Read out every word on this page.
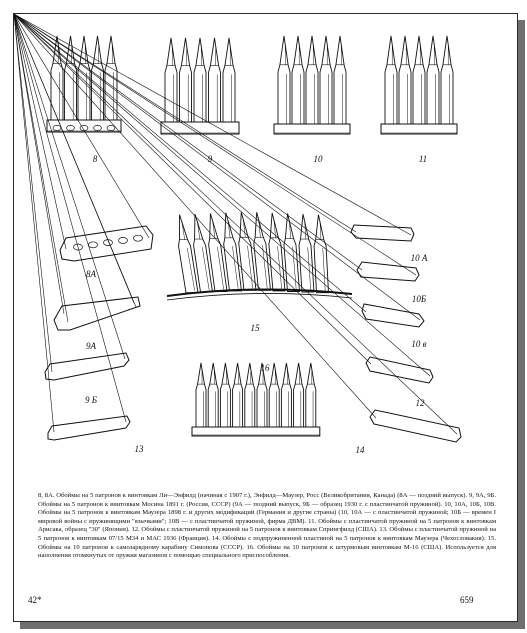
8	9	10	11
8А
9А
9 Б
13
15
16
14
10 А
10Б
10 в
12
8, 8А. Обоймы на 5 патронов к винтовкам Ли—Энфилд (начиная с 1907 г.), Энфилд—Маузер, Росс (Великобритания, Канада) (8А — поздний выпуск). 9, 9А, 9Б. Обоймы на 5 патронов к винтовкам Мосина 1891 г. (Россия, СССР) (9А — поздний выпуск, 9Б — образец 1930 г. с пластинчатой пружиной). 10, 10А, 10Б, 10В. Обоймы на 5 патронов к винтовкам Маузера 1898 г. и других модификаций (Германия и другие страны) (10, 10А — с пластинчатой пружиной; 10Б — времен I мировой войны с пружинящими "язычками"; 10В — с пластинчатой пружиной, фирма ДВМ). 11. Обоймы с пластинчатой пружиной на 5 патронов к винтовкам Арисака, образец "30" (Япония). 12. Обоймы с пластинчатой пружиной на 5 патронов к винтовкам Спрингфилд (США). 13. Обоймы с пластинчатой пружиной на 5 патронов к винтовкам 07/15 М34 и МАС 1936 (Франция). 14. Обоймы с подпружиненной пластиной на 5 патронов к винтовкам Маузера (Чехословакия). 15. Обоймы на 10 патронов к самозарядному карабину Симонова (СССР). 16. Обоймы на 10 патронов к штурмовым винтовкам М-16 (США). Используется для наполнения отомкнутых от оружия магазинов с помощью специального приспособления.
42*	659
